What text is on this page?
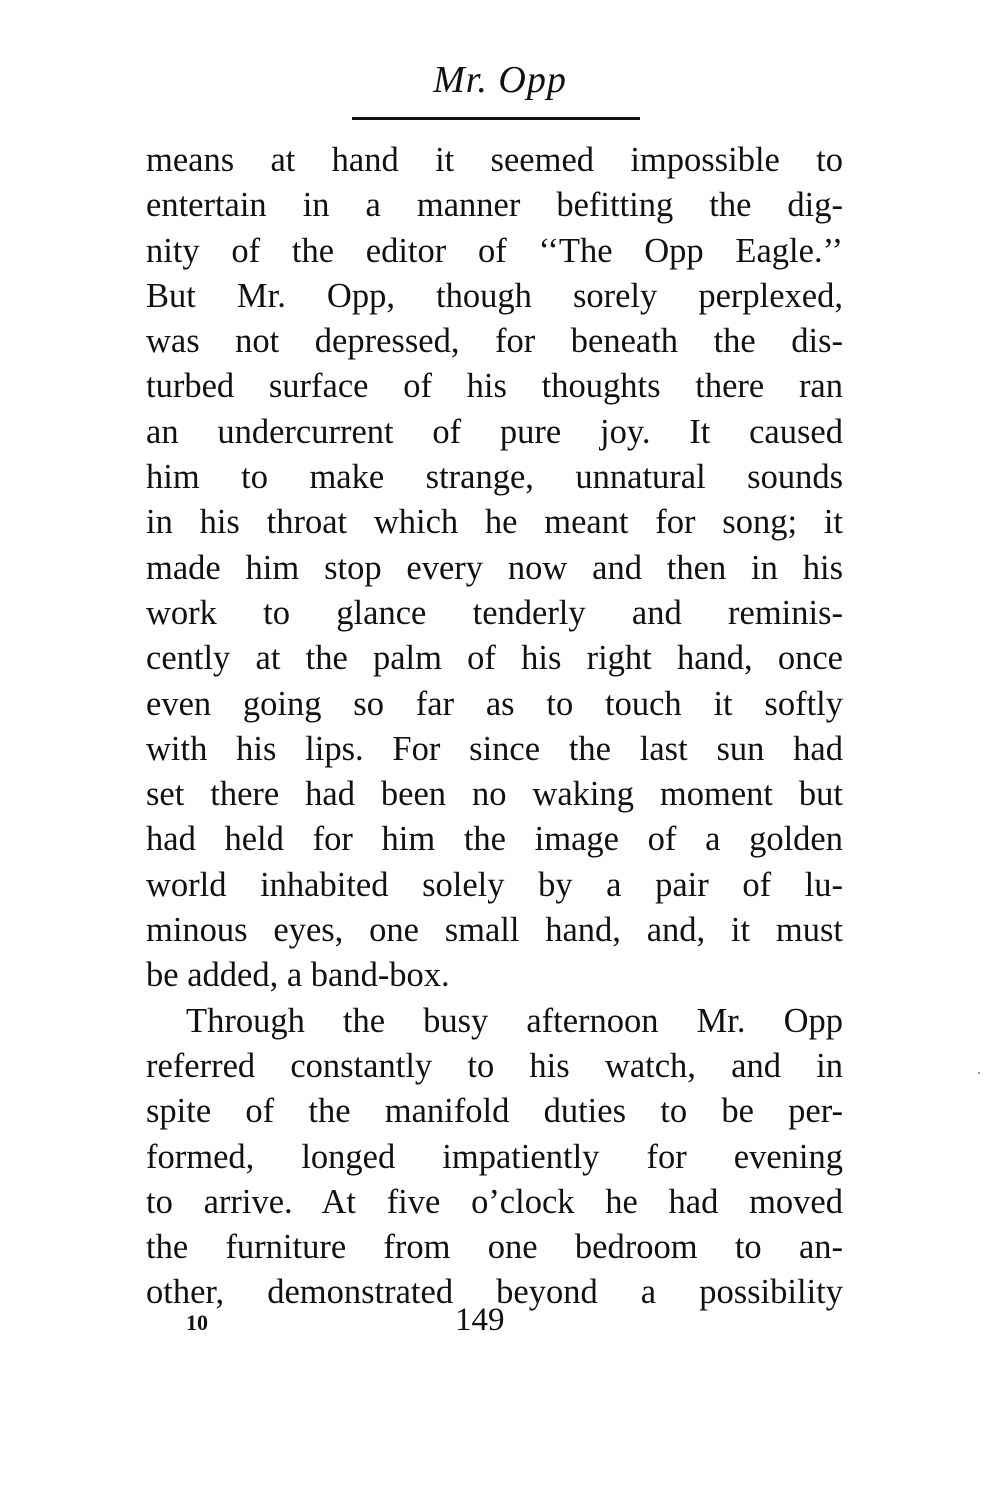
Mr. Opp
means at hand it seemed impossible to
entertain in a manner befitting the dig-
nity of the editor of ‘‘The Opp Eagle.’’
But Mr. Opp, though sorely perplexed,
was not depressed, for beneath the dis-
turbed surface of his thoughts there ran
an undercurrent of pure joy. It caused
him to make strange, unnatural sounds
in his throat which he meant for song; it
made him stop every now and then in his
work to glance tenderly and reminis-
cently at the palm of his right hand, once
even going so far as to touch it softly
with his lips. For since the last sun had
set there had been no waking moment but
had held for him the image of a golden
world inhabited solely by a pair of lu-
minous eyes, one small hand, and, it must
be added, a band-box.
Through the busy afternoon Mr. Opp
referred constantly to his watch, and in
spite of the manifold duties to be per-
formed, longed impatiently for evening
to arrive. At five o’clock he had moved
the furniture from one bedroom to an-
other, demonstrated beyond a possibility
10	149
